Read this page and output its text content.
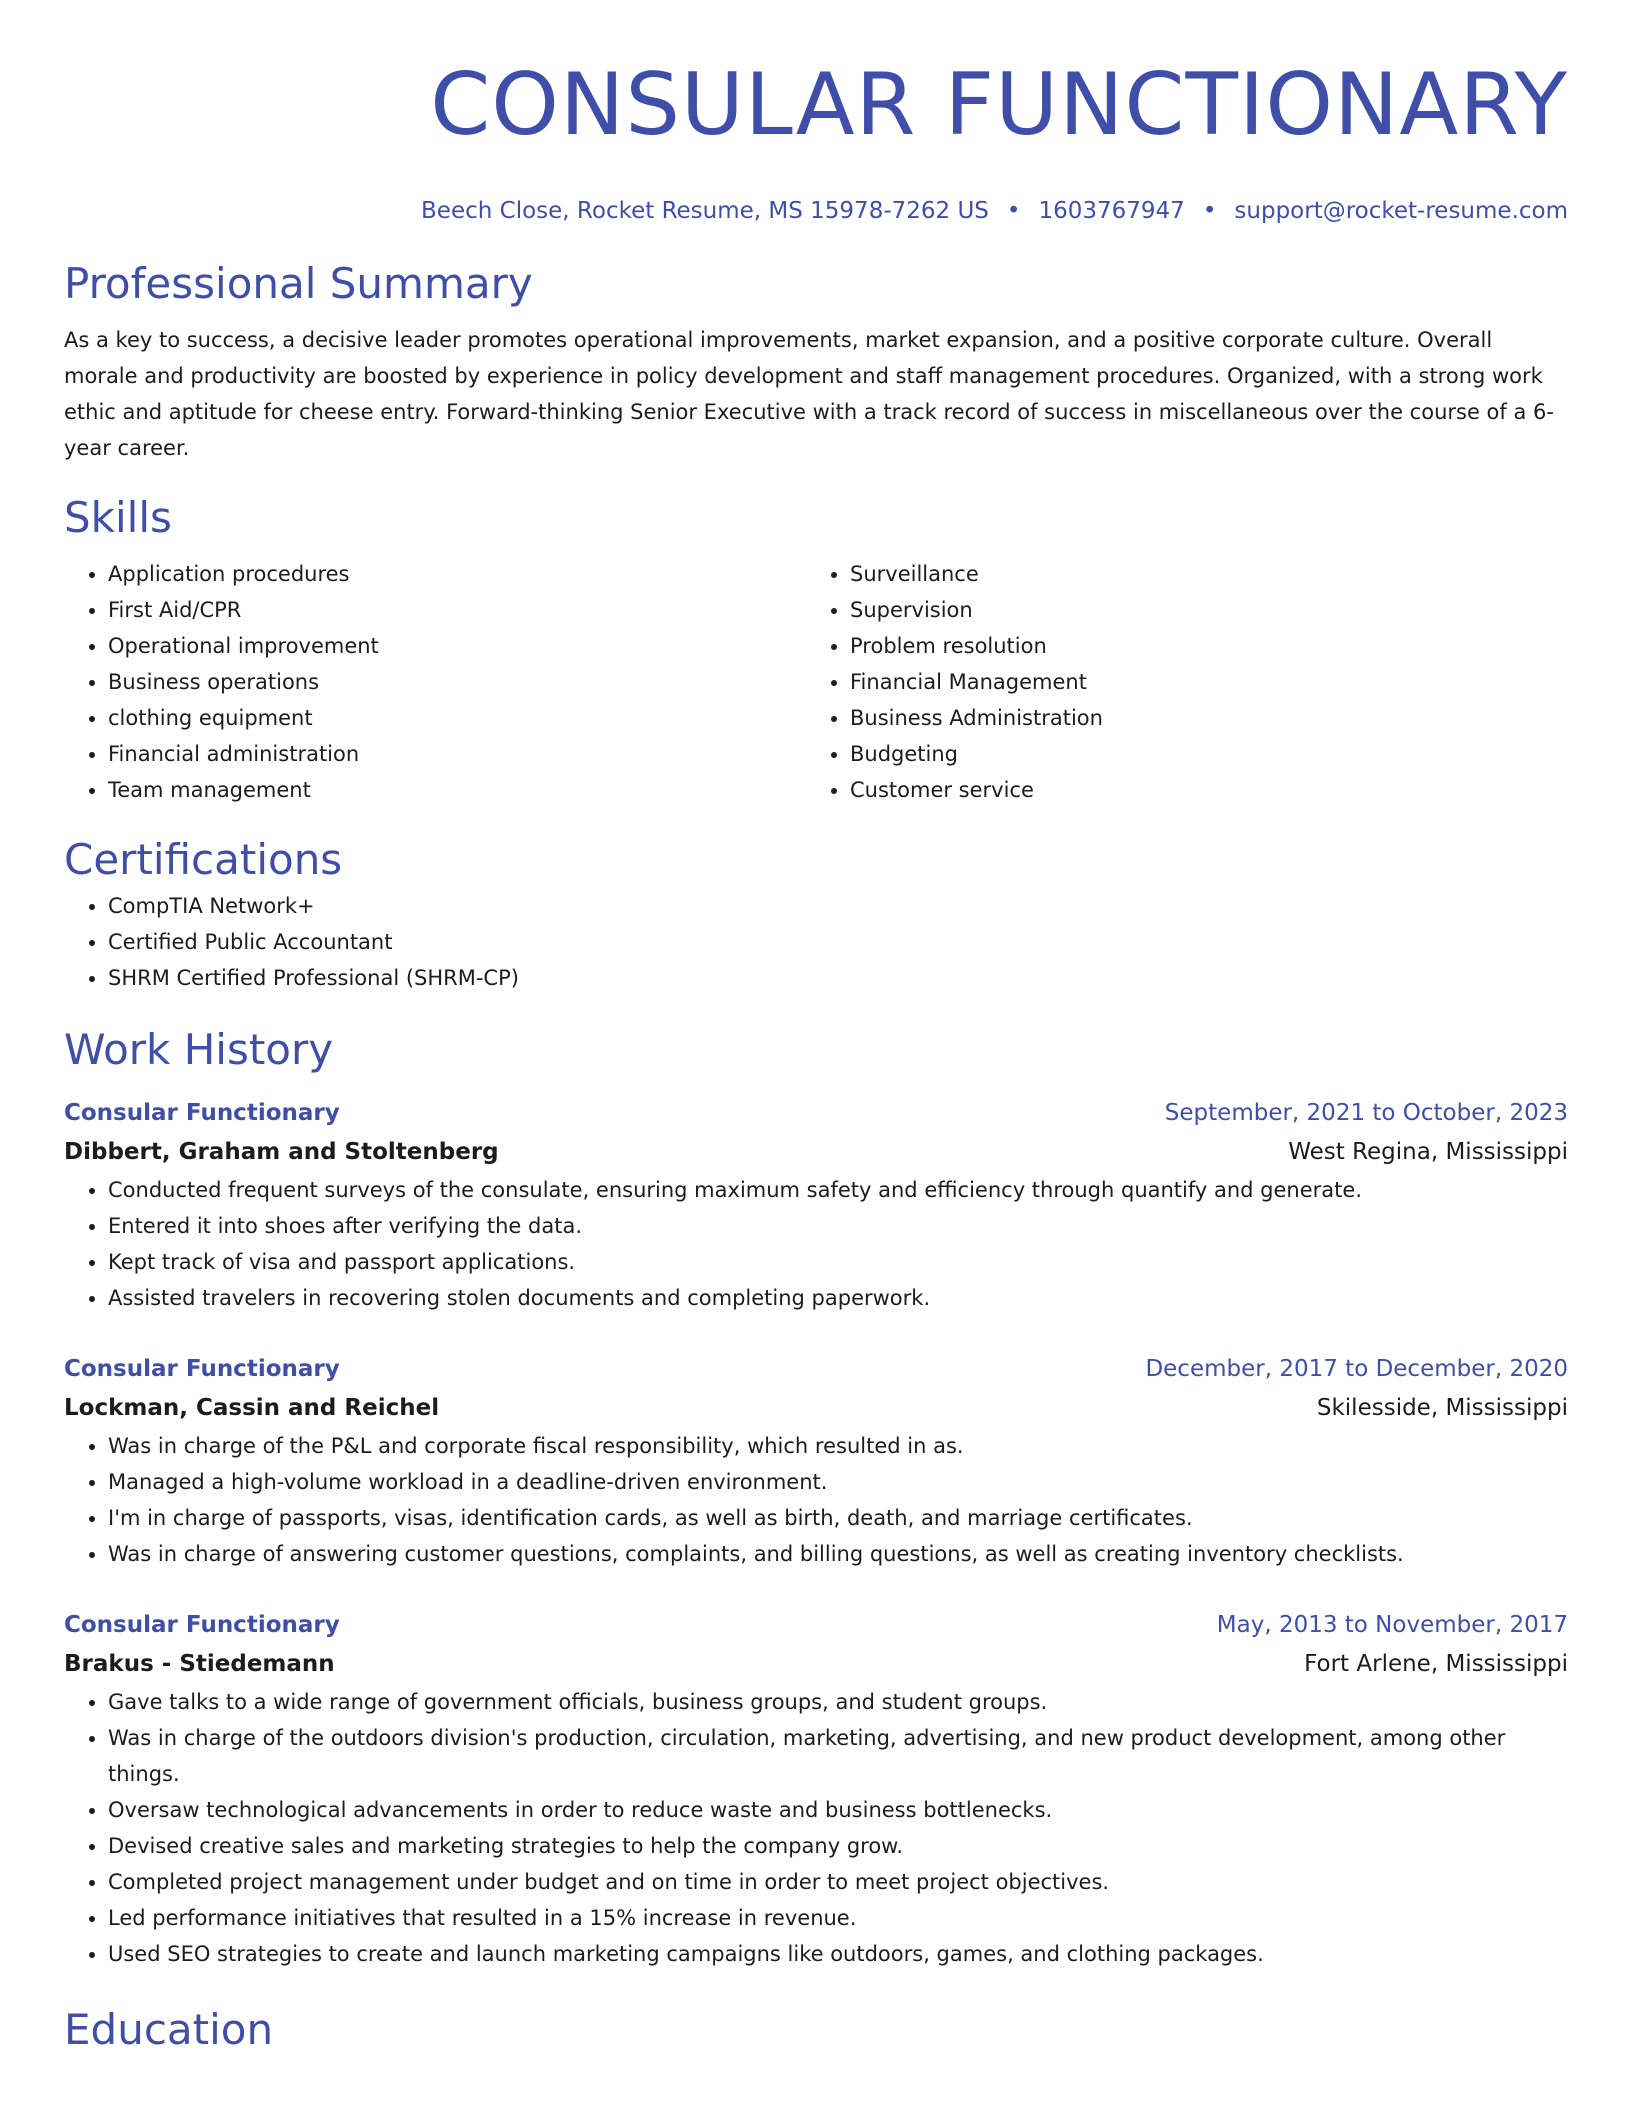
CONSULAR FUNCTIONARY
Beech Close, Rocket Resume, MS 15978-7262 US • 1603767947 • support@rocket-resume.com
Professional Summary

As a key to success, a decisive leader promotes operational improvements, market expansion, and a positive corporate culture. Overall morale and productivity are boosted by experience in policy development and staff management procedures. Organized, with a strong work ethic and aptitude for cheese entry. Forward-thinking Senior Executive with a track record of success in miscellaneous over the course of a 6-year career.

Skills
• Application procedures
• First Aid/CPR
• Operational improvement
• Business operations
• clothing equipment
• Financial administration
• Team management
• Surveillance
• Supervision
• Problem resolution
• Financial Management
• Business Administration
• Budgeting
• Customer service
Certifications
• CompTIA Network+
• Certified Public Accountant
• SHRM Certified Professional (SHRM-CP)
Work History
Consular Functionary	September, 2021 to October, 2023
Dibbert, Graham and Stoltenberg	West Regina, Mississippi
• Conducted frequent surveys of the consulate, ensuring maximum safety and efficiency through quantify and generate.
• Entered it into shoes after verifying the data.
• Kept track of visa and passport applications.
• Assisted travelers in recovering stolen documents and completing paperwork.
Consular Functionary	December, 2017 to December, 2020
Lockman, Cassin and Reichel	Skilesside, Mississippi
• Was in charge of the P&L and corporate fiscal responsibility, which resulted in as.
• Managed a high-volume workload in a deadline-driven environment.
• I'm in charge of passports, visas, identification cards, as well as birth, death, and marriage certificates.
• Was in charge of answering customer questions, complaints, and billing questions, as well as creating inventory checklists.
Consular Functionary	May, 2013 to November, 2017
Brakus - Stiedemann	Fort Arlene, Mississippi
• Gave talks to a wide range of government officials, business groups, and student groups.
• Was in charge of the outdoors division's production, circulation, marketing, advertising, and new product development, among other things.
• Oversaw technological advancements in order to reduce waste and business bottlenecks.
• Devised creative sales and marketing strategies to help the company grow.
• Completed project management under budget and on time in order to meet project objectives.
• Led performance initiatives that resulted in a 15% increase in revenue.
• Used SEO strategies to create and launch marketing campaigns like outdoors, games, and clothing packages.
Education
